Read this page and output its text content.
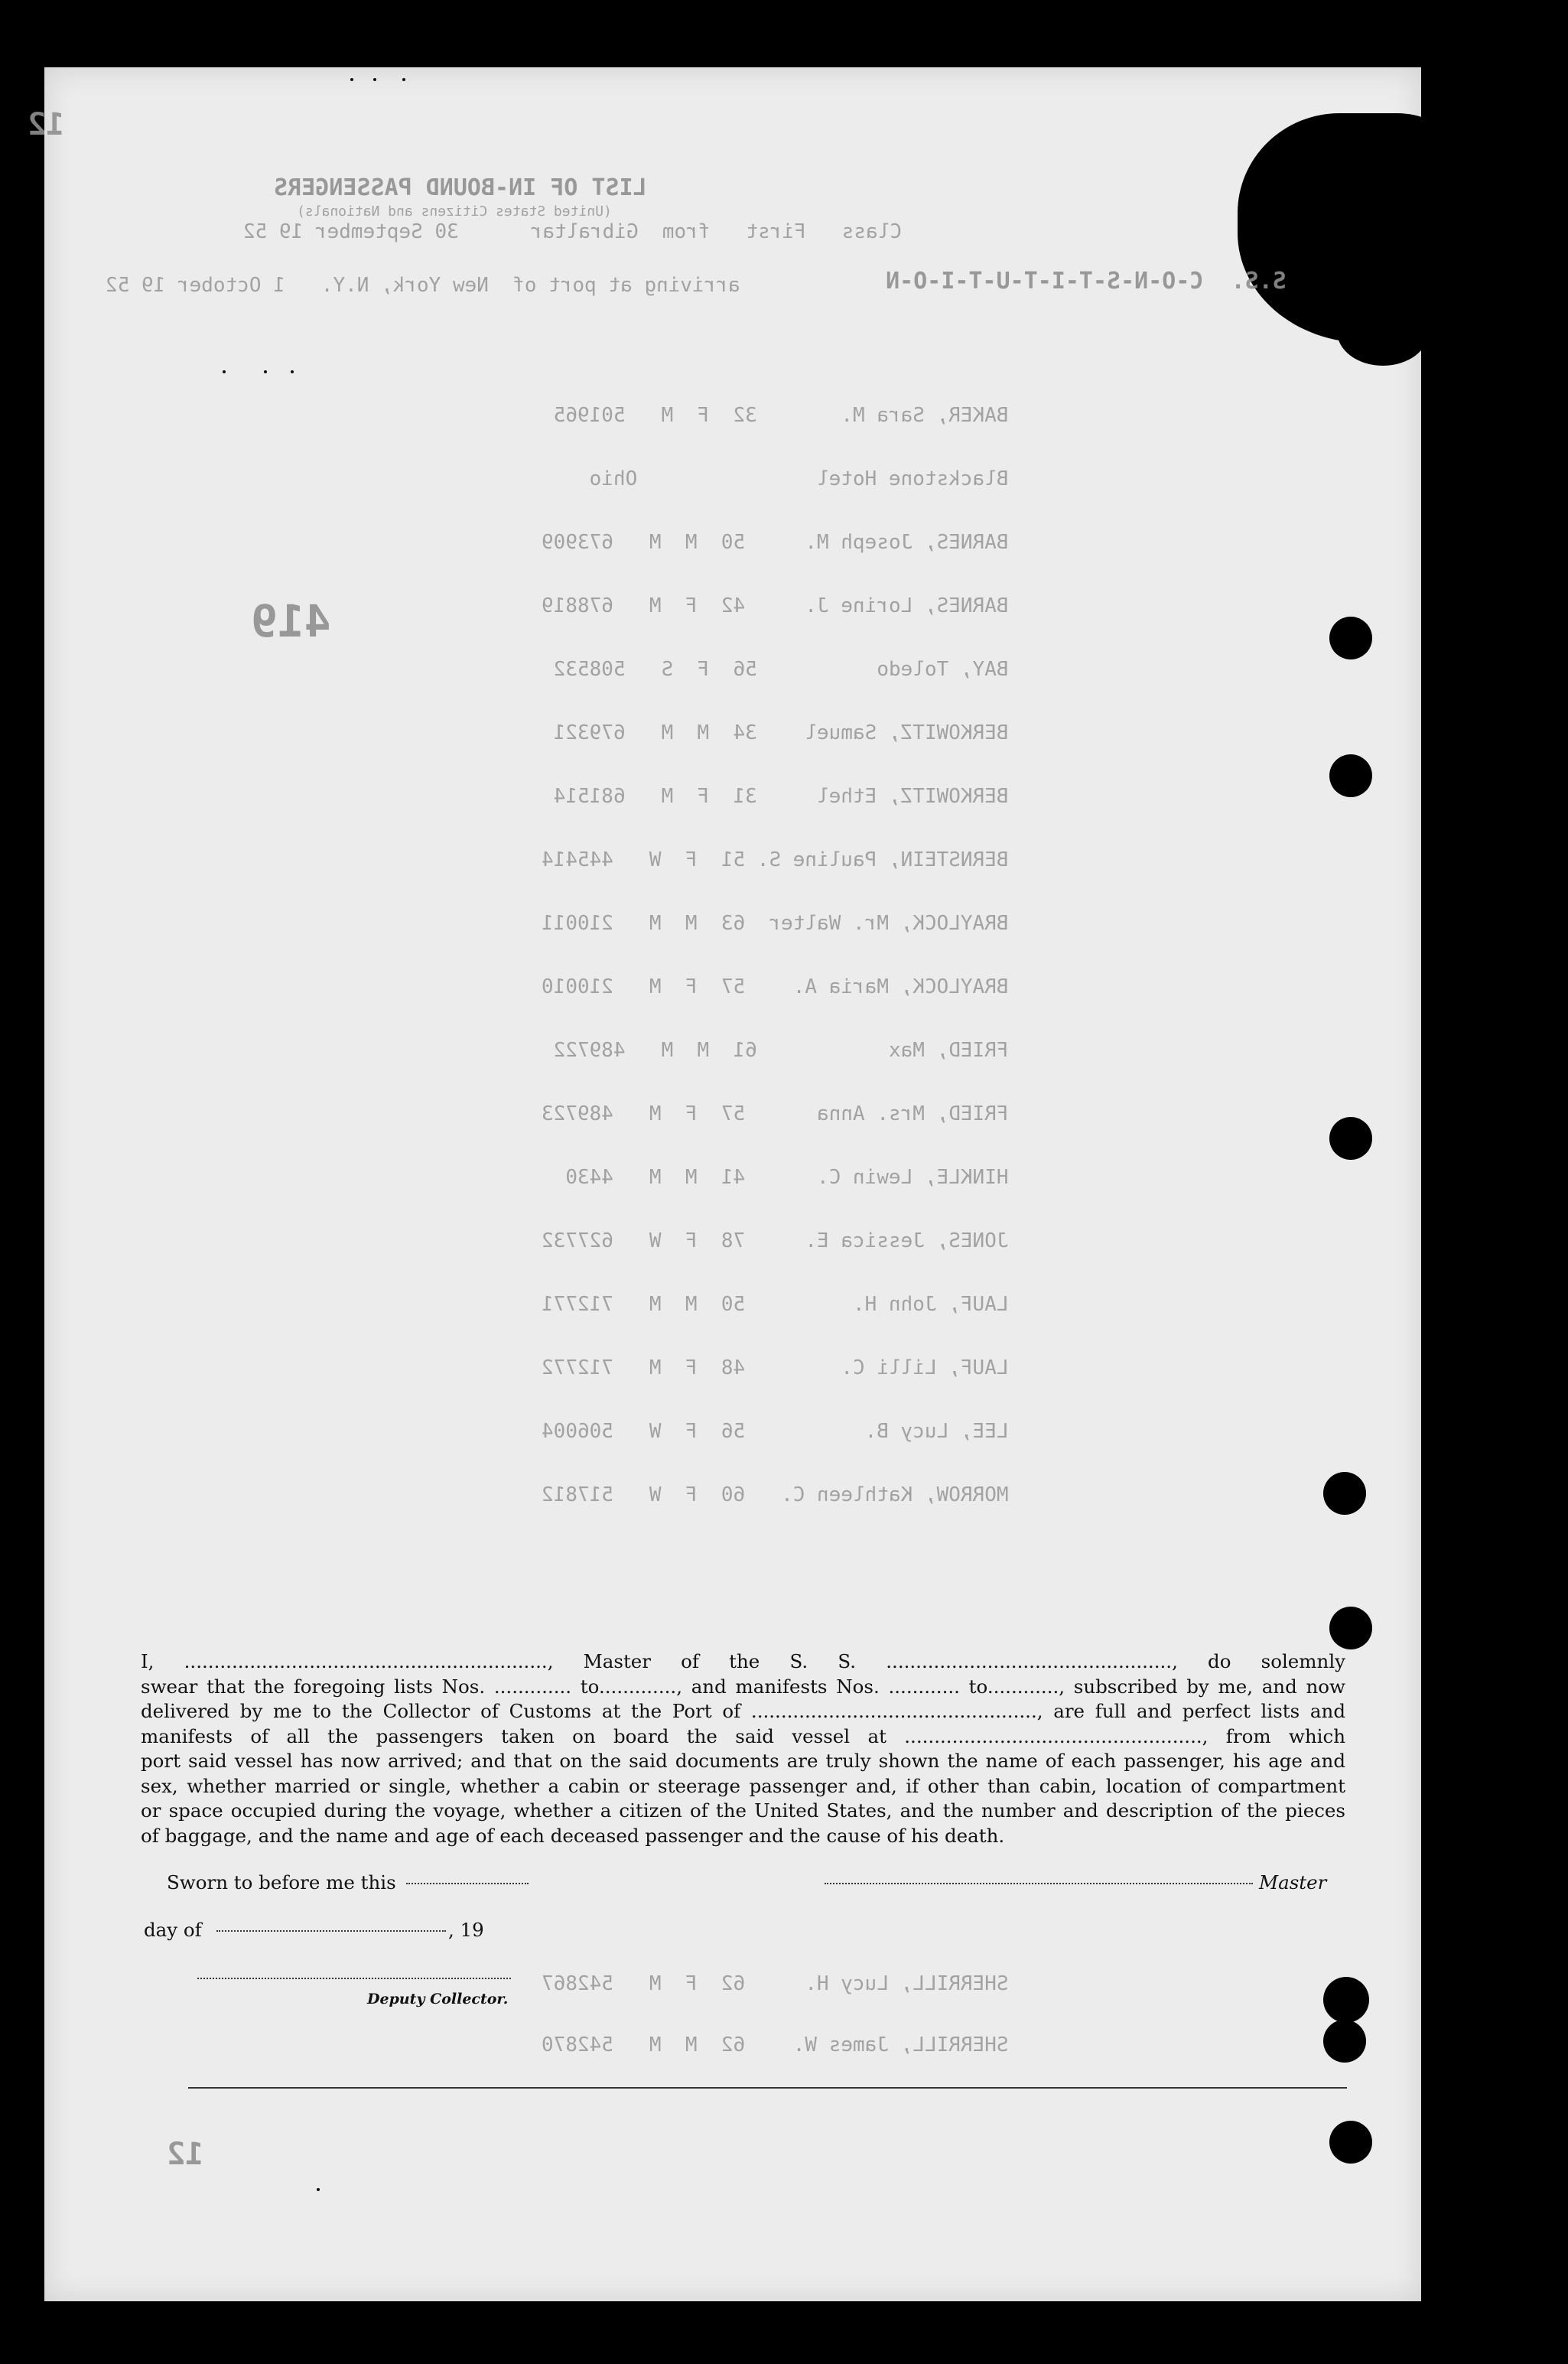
12
LIST OF IN-BOUND PASSENGERS
(United States Citizens and Nationals)
Class   First   from  Gibraltar      30 September 19 52
arriving at port of  New York, N.Y.   1 October 19 52	S.S.  C-O-N-S-T-I-T-U-T-I-O-N
419
BAKER, Sara M.       32  F  M   501965
Blackstone Hotel               Ohio
BARNES, Joseph M.     50  M  M   673909
BARNES, Lorine J.     42  F  M   678819
BAY, Toledo          56  F  S   508532
BERKOWITZ, Samuel    34  M  M   679321
BERKOWITZ, Ethel     31  F  M   681514
BERNSTEIN, Pauline S. 51  F  W   445414
BRAYLOCK, Mr. Walter  63  M  M   210011
BRAYLOCK, Maria A.    57  F  M   210010
FRIED, Max           61  M  M   489722
FRIED, Mrs. Anna      57  F  M   489723
HINKLE, Lewin C.      41  M  M   4430
JONES, Jessica E.     78  F  W   627732
LAUF, John H.         50  M  M   712771
LAUF, Lilli C.        48  F  M   712772
LEE, Lucy B.          56  F  W   506004
MORROW, Kathleen C.   60  F  W   517812
SHERRILL, Lucy H.     62  F  M   542867
SHERRILL, James W.    62  M  M   542870
12

I, ............................................................., Master of the S. S. ................................................, do solemnly

swear that the foregoing lists Nos. ............. to............., and manifests Nos. ............ to............, subscribed by me, and now

delivered by me to the Collector of Customs at the Port of ................................................, are full and perfect lists and

manifests of all the passengers taken on board the said vessel at .................................................., from which

port said vessel has now arrived; and that on the said documents are truly shown the name of each passenger, his age and

sex, whether married or single, whether a cabin or steerage passenger and, if other than cabin, location of compartment

or space occupied during the voyage, whether a citizen of the United States, and the number and description of the pieces

of baggage, and the name and age of each deceased passenger and the cause of his death.

Sworn to before me this	Master
day of	, 19
Deputy Collector.
